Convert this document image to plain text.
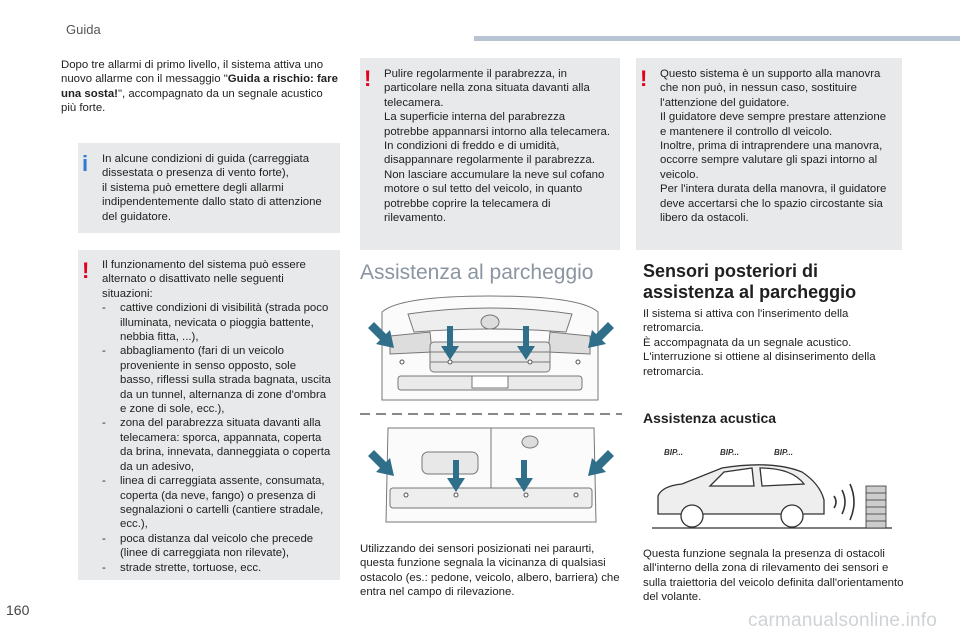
Guida
Dopo tre allarmi di primo livello, il sistema attiva uno nuovo allarme con il messaggio "Guida a rischio: fare una sosta!", accompagnato da un segnale acustico più forte.
i In alcune condizioni di guida (carreggiata dissestata o presenza di vento forte),
il sistema può emettere degli allarmi indipendentemente dallo stato di attenzione del guidatore.
! Il funzionamento del sistema può essere alternato o disattivato nelle seguenti situazioni:
- cattive condizioni di visibilità (strada poco illuminata, nevicata o pioggia battente, nebbia fitta, ...),
- abbagliamento (fari di un veicolo proveniente in senso opposto, sole basso, riflessi sulla strada bagnata, uscita da un tunnel, alternanza di zone d'ombra e zone di sole, ecc.),
- zona del parabrezza situata davanti alla telecamera: sporca, appannata, coperta da brina, innevata, danneggiata o coperta da un adesivo,
- linea di carreggiata assente, consumata, coperta (da neve, fango) o presenza di segnalazioni o cartelli (cantiere stradale, ecc.),
- poca distanza dal veicolo che precede (linee di carreggiata non rilevate),
- strade strette, tortuose, ecc.
! Pulire regolarmente il parabrezza, in particolare nella zona situata davanti alla telecamera.
La superficie interna del parabrezza potrebbe appannarsi intorno alla telecamera. In condizioni di freddo e di umidità, disappannare regolarmente il parabrezza.
Non lasciare accumulare la neve sul cofano motore o sul tetto del veicolo, in quanto potrebbe coprire la telecamera di rilevamento.
Assistenza al parcheggio
Utilizzando dei sensori posizionati nei paraurti, questa funzione segnala la vicinanza di qualsiasi ostacolo (es.: pedone, veicolo, albero, barriera) che entra nel campo di rilevazione.
! Questo sistema è un supporto alla manovra che non può, in nessun caso, sostituire l'attenzione del guidatore.
Il guidatore deve sempre prestare attenzione e mantenere il controllo dl veicolo.
Inoltre, prima di intraprendere una manovra, occorre sempre valutare gli spazi intorno al veicolo.
Per l'intera durata della manovra, il guidatore deve accertarsi che lo spazio circostante sia libero da ostacoli.
Sensori posteriori di assistenza al parcheggio
Il sistema si attiva con l'inserimento della retromarcia.
È accompagnata da un segnale acustico.
L'interruzione si ottiene al disinserimento della retromarcia.
Assistenza acustica
BIP...	BIP...	BIP...
Questa funzione segnala la presenza di ostacoli all'interno della zona di rilevamento dei sensori e sulla traiettoria del veicolo definita dall'orientamento del volante.
160	carmanualsonline.info
